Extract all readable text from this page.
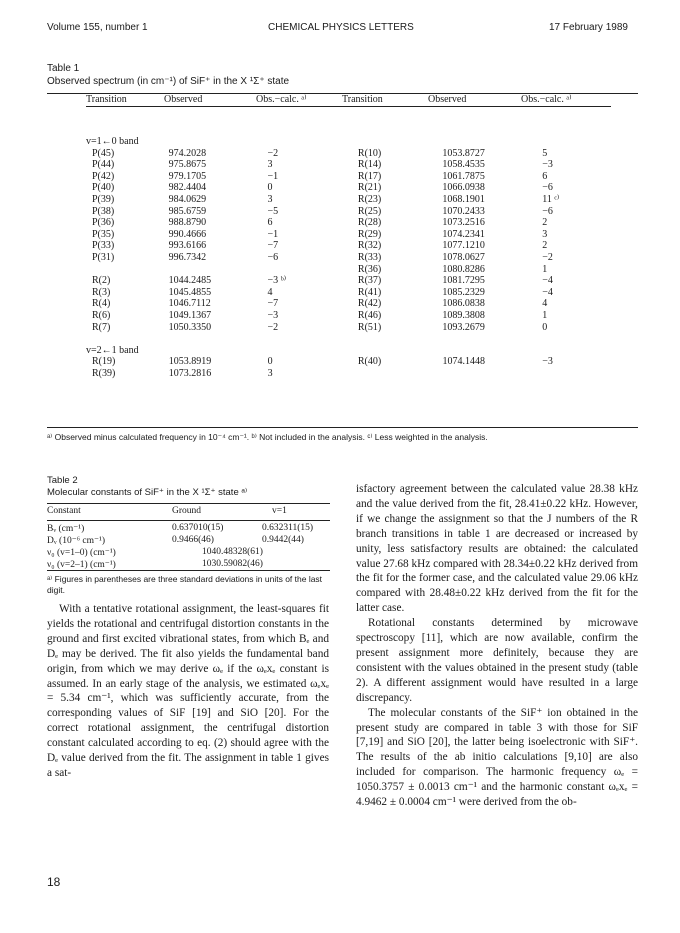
Volume 155, number 1	CHEMICAL PHYSICS LETTERS	17 February 1989
Table 1
Observed spectrum (in cm⁻¹) of SiF⁺ in the X ¹Σ⁺ state
Transition	Observed	Obs.−calc. ᵃ⁾	Transition	Observed	Obs.−calc. ᵃ⁾
v=1←0 band
P(45)	974.2028	−2	R(10)	1053.8727	5
P(44)	975.8675	3	R(14)	1058.4535	−3
P(42)	979.1705	−1	R(17)	1061.7875	6
P(40)	982.4404	0	R(21)	1066.0938	−6
P(39)	984.0629	3	R(23)	1068.1901	11 ᶜ⁾
P(38)	985.6759	−5	R(25)	1070.2433	−6
P(36)	988.8790	6	R(28)	1073.2516	2
P(35)	990.4666	−1	R(29)	1074.2341	3
P(33)	993.6166	−7	R(32)	1077.1210	2
P(31)	996.7342	−6	R(33)	1078.0627	−2
			R(36)	1080.8286	1
R(2)	1044.2485	−3 ᵇ⁾	R(37)	1081.7295	−4
R(3)	1045.4855	4	R(41)	1085.2329	−4
R(4)	1046.7112	−7	R(42)	1086.0838	4
R(6)	1049.1367	−3	R(46)	1089.3808	1
R(7)	1050.3350	−2	R(51)	1093.2679	0
v=2←1 band
R(19)	1053.8919	0	R(40)	1074.1448	−3
R(39)	1073.2816	3			
ᵃ⁾ Observed minus calculated frequency in 10⁻⁴ cm⁻¹. ᵇ⁾ Not included in the analysis. ᶜ⁾ Less weighted in the analysis.
Table 2
Molecular constants of SiF⁺ in the X ¹Σ⁺ state ᵃ⁾
Constant	Ground	v=1
Bᵥ (cm⁻¹)	0.637010(15)	0.632311(15)
Dᵥ (10⁻⁶ cm⁻¹)	0.9466(46)	0.9442(44)
ν₀ (v=1–0) (cm⁻¹)	1040.48328(61)	
ν₀ (v=2–1) (cm⁻¹)	1030.59082(46)	
ᵃ⁾ Figures in parentheses are three standard deviations in units of the last digit.

With a tentative rotational assignment, the least-squares fit yields the rotational and centrifugal distortion constants in the ground and first excited vibrational states, from which Bₑ and Dₑ may be derived. The fit also yields the fundamental band origin, from which we may derive ωₑ if the ωₑxₑ constant is assumed. In an early stage of the analysis, we estimated ωₑxₑ = 5.34 cm⁻¹, which was sufficiently accurate, from the corresponding values of SiF [19] and SiO [20]. For the correct rotational assignment, the centrifugal distortion constant calculated according to eq. (2) should agree with the Dₑ value derived from the fit. The assignment in table 1 gives a sat-

isfactory agreement between the calculated value 28.38 kHz and the value derived from the fit, 28.41±0.22 kHz. However, if we change the assignment so that the J numbers of the R branch transitions in table 1 are decreased or increased by unity, less satisfactory results are obtained: the calculated value 27.68 kHz compared with 28.34±0.22 kHz derived from the fit for the former case, and the calculated value 29.06 kHz compared with 28.48±0.22 kHz derived from the fit for the latter case.

Rotational constants determined by microwave spectroscopy [11], which are now available, confirm the present assignment more definitely, because they are consistent with the values obtained in the present study (table 2). A different assignment would have resulted in a large discrepancy.

The molecular constants of the SiF⁺ ion obtained in the present study are compared in table 3 with those for SiF [7,19] and SiO [20], the latter being isoelectronic with SiF⁺. The results of the ab initio calculations [9,10] are also included for comparison. The harmonic frequency ωₑ = 1050.3757 ± 0.0013 cm⁻¹ and the harmonic constant ωₑxₑ = 4.9462 ± 0.0004 cm⁻¹ were derived from the ob-

18
